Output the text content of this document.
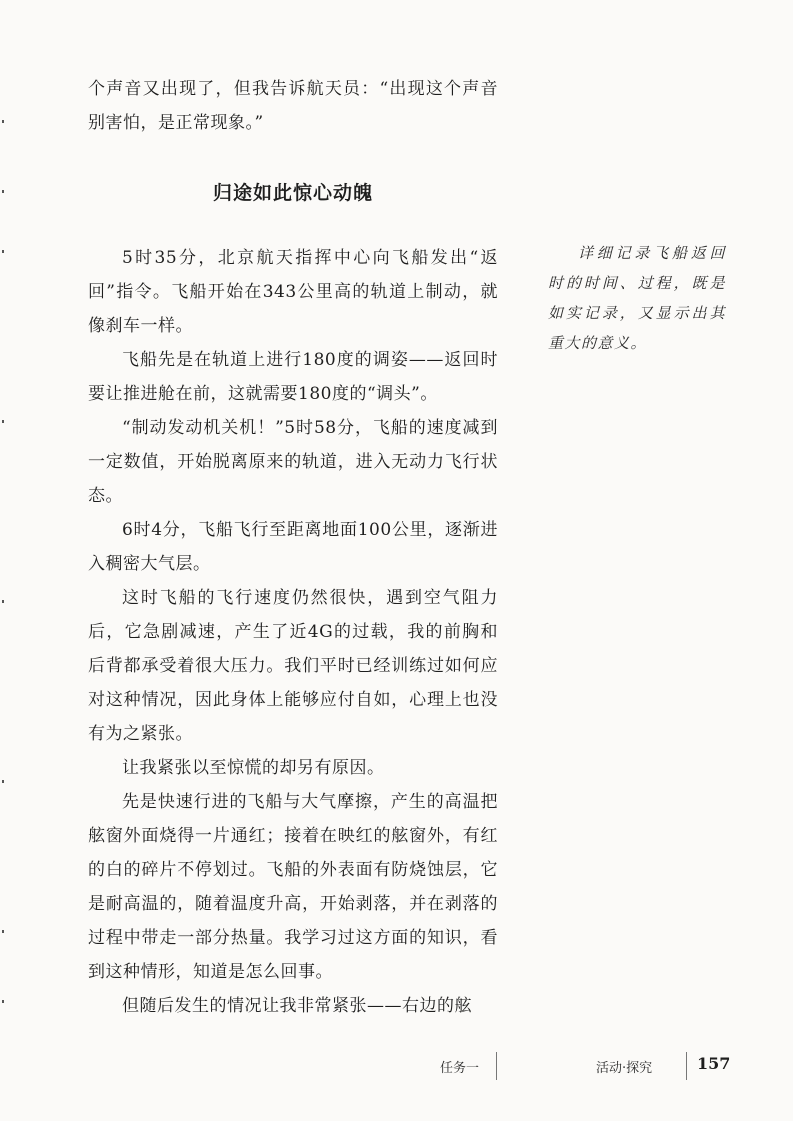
个声音又出现了，但我告诉航天员：“出现这个声音别害怕，是正常现象。”

归途如此惊心动魄

5时35分，北京航天指挥中心向飞船发出“返回”指令。飞船开始在343公里高的轨道上制动，就像刹车一样。

飞船先是在轨道上进行180度的调姿——返回时要让推进舱在前，这就需要180度的“调头”。

“制动发动机关机！”5时58分，飞船的速度减到一定数值，开始脱离原来的轨道，进入无动力飞行状态。

6时4分，飞船飞行至距离地面100公里，逐渐进入稠密大气层。

这时飞船的飞行速度仍然很快，遇到空气阻力后，它急剧减速，产生了近4G的过载，我的前胸和后背都承受着很大压力。我们平时已经训练过如何应对这种情况，因此身体上能够应付自如，心理上也没有为之紧张。

让我紧张以至惊慌的却另有原因。

先是快速行进的飞船与大气摩擦，产生的高温把舷窗外面烧得一片通红；接着在映红的舷窗外，有红的白的碎片不停划过。飞船的外表面有防烧蚀层，它是耐高温的，随着温度升高，开始剥落，并在剥落的过程中带走一部分热量。我学习过这方面的知识，看到这种情形，知道是怎么回事。

但随后发生的情况让我非常紧张——右边的舷

详细记录飞船返回时的时间、过程，既是如实记录，又显示出其重大的意义。
任务一	活动·探究	157
